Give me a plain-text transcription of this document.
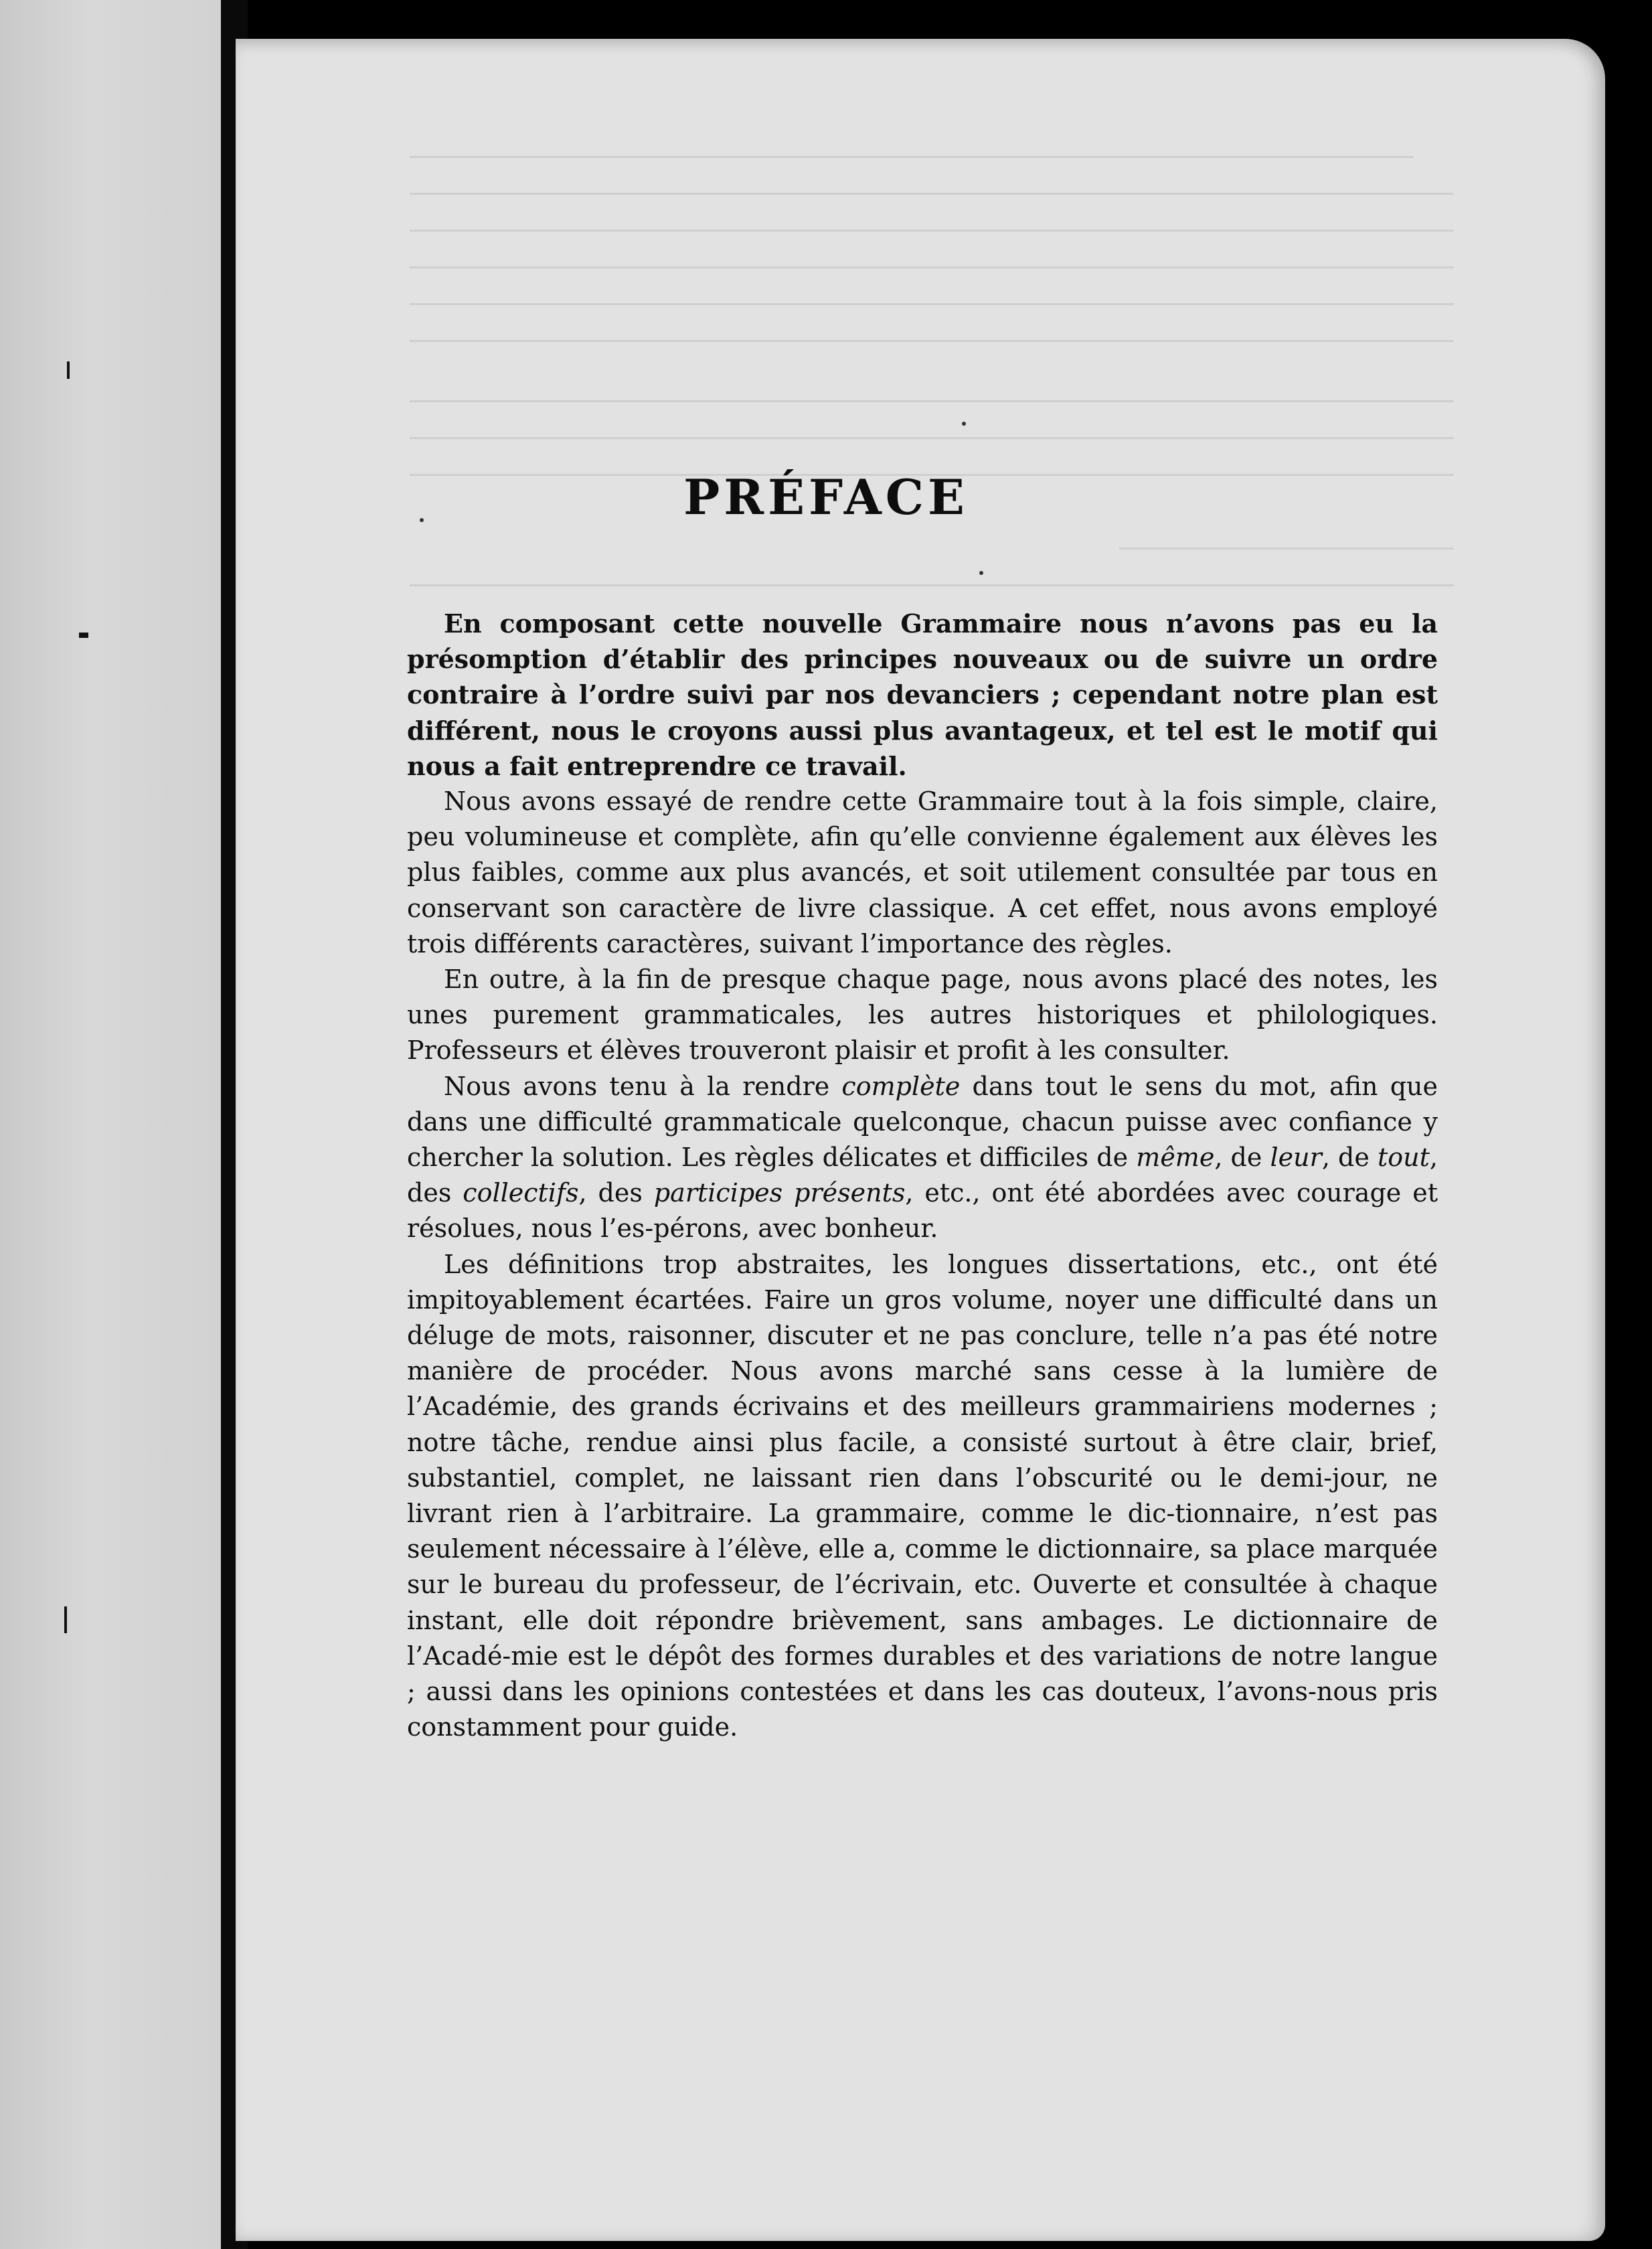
PRÉFACE

En composant cette nouvelle Grammaire nous n’avons pas eu la présomption d’établir des principes nouveaux ou de suivre un ordre contraire à l’ordre suivi par nos devanciers ; cependant notre plan est différent, nous le croyons aussi plus avantageux, et tel est le motif qui nous a fait entreprendre ce travail.

Nous avons essayé de rendre cette Grammaire tout à la fois simple, claire, peu volumineuse et complète, afin qu’elle convienne également aux élèves les plus faibles, comme aux plus avancés, et soit utilement consultée par tous en conservant son caractère de livre classique. A cet effet, nous avons employé trois différents caractères, suivant l’importance des règles.

En outre, à la fin de presque chaque page, nous avons placé des notes, les unes purement grammaticales, les autres historiques et philologiques. Professeurs et élèves trouveront plaisir et profit à les consulter.

Nous avons tenu à la rendre complète dans tout le sens du mot, afin que dans une difficulté grammaticale quelconque, chacun puisse avec confiance y chercher la solution. Les règles délicates et difficiles de même, de leur, de tout, des collectifs, des participes présents, etc., ont été abordées avec courage et résolues, nous l’es-pérons, avec bonheur.

Les définitions trop abstraites, les longues dissertations, etc., ont été impitoyablement écartées. Faire un gros volume, noyer une difficulté dans un déluge de mots, raisonner, discuter et ne pas conclure, telle n’a pas été notre manière de procéder. Nous avons marché sans cesse à la lumière de l’Académie, des grands écrivains et des meilleurs grammairiens modernes ; notre tâche, rendue ainsi plus facile, a consisté surtout à être clair, brief, substantiel, complet, ne laissant rien dans l’obscurité ou le demi-jour, ne livrant rien à l’arbitraire. La grammaire, comme le dic-tionnaire, n’est pas seulement nécessaire à l’élève, elle a, comme le dictionnaire, sa place marquée sur le bureau du professeur, de l’écrivain, etc. Ouverte et consultée à chaque instant, elle doit répondre brièvement, sans ambages. Le dictionnaire de l’Acadé-mie est le dépôt des formes durables et des variations de notre langue ; aussi dans les opinions contestées et dans les cas douteux, l’avons-nous pris constamment pour guide.
